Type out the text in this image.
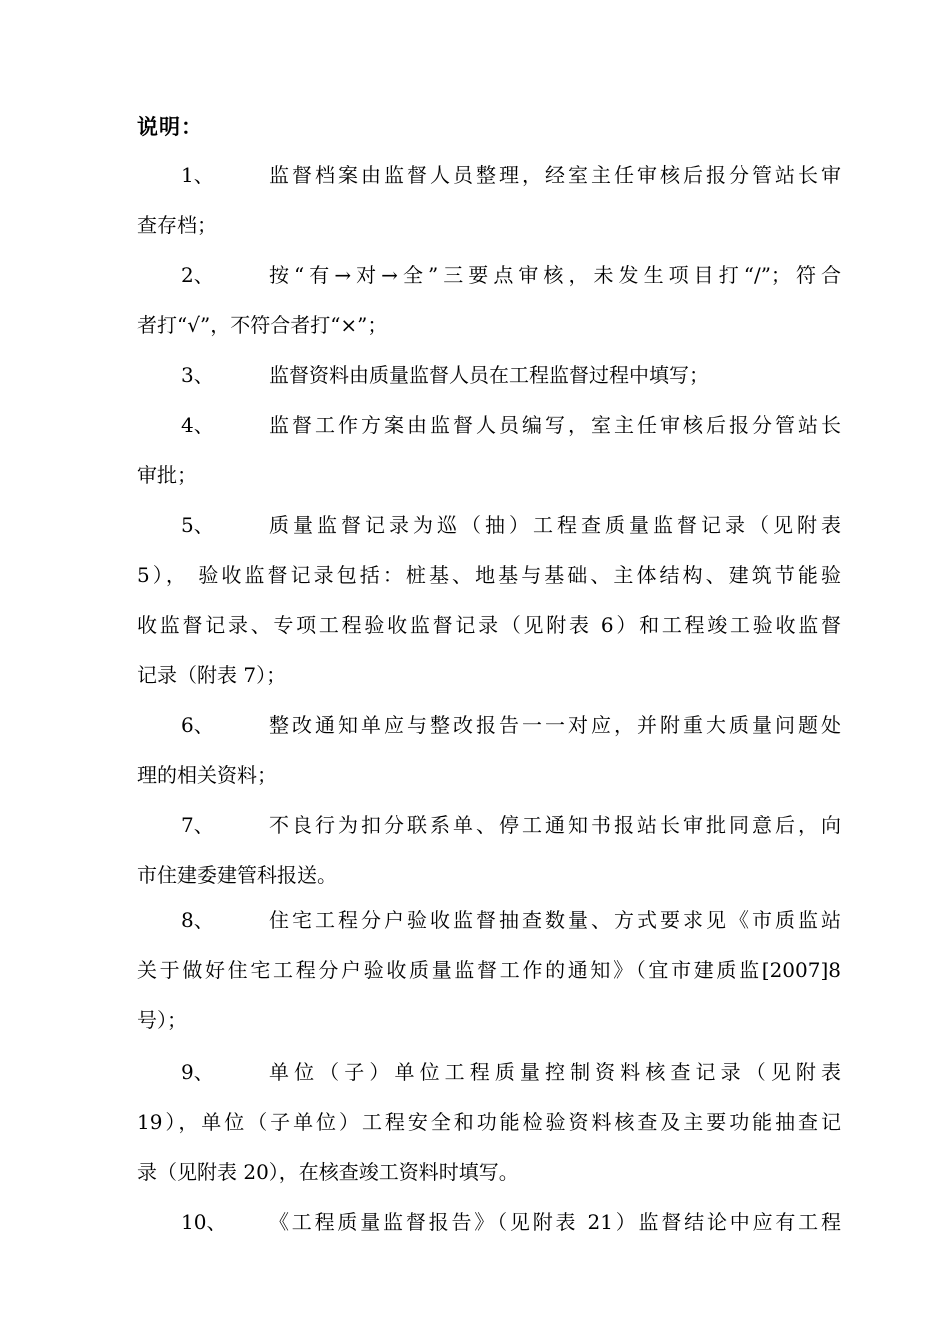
说明：
1、	监督档案由监督人员整理，经室主任审核后报分管站长审
查存档；
2、	按“有→对→全”三要点审核，未发生项目打“/”；符合
者打“√”，不符合者打“×”；
3、	监督资料由质量监督人员在工程监督过程中填写；
4、	监督工作方案由监督人员编写，室主任审核后报分管站长
审批；
5、	质量监督记录为巡（抽）工程查质量监督记录（见附表
5）， 验收监督记录包括：桩基、地基与基础、主体结构、建筑节能验
收监督记录、专项工程验收监督记录（见附表 6）和工程竣工验收监督
记录（附表 7）；
6、	整改通知单应与整改报告一一对应，并附重大质量问题处
理的相关资料；
7、	不良行为扣分联系单、停工通知书报站长审批同意后，向
市住建委建管科报送。
8、	住宅工程分户验收监督抽查数量、方式要求见《市质监站
关于做好住宅工程分户验收质量监督工作的通知》（宜市建质监[2007]8
号）；
9、	单位（子）单位工程质量控制资料核查记录（见附表
19），单位（子单位）工程安全和功能检验资料核查及主要功能抽查记
录（见附表 20），在核查竣工资料时填写。
10、 《工程质量监督报告》（见附表 21）监督结论中应有工程
